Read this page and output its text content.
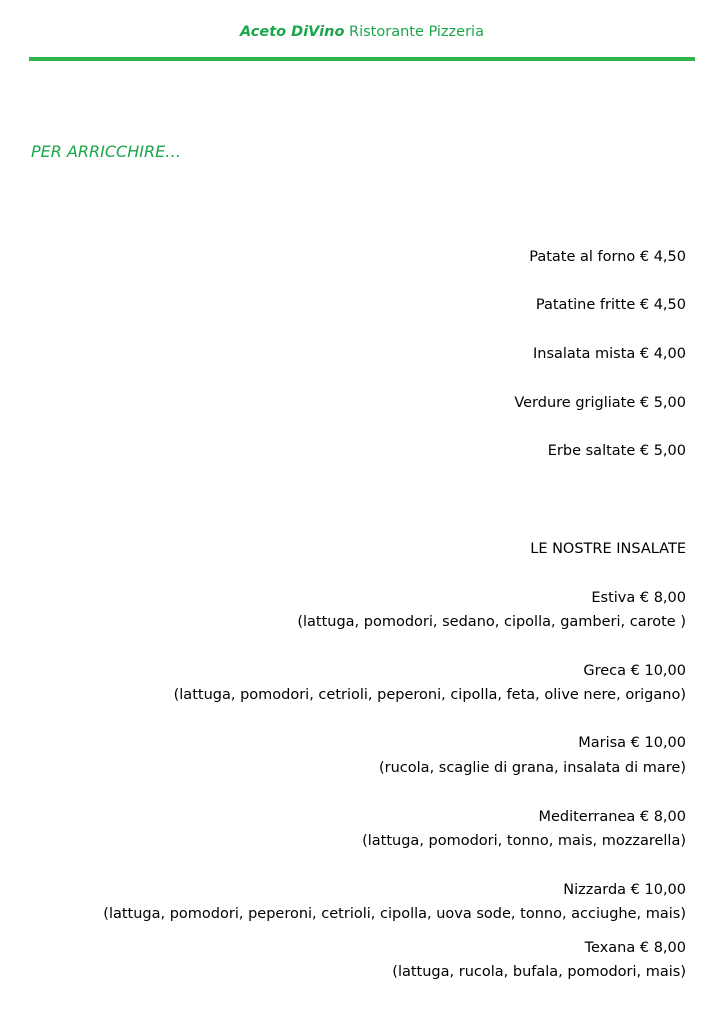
Aceto DiVino Ristorante Pizzeria
PER ARRICCHIRE…
Patate al forno € 4,50
Patatine fritte € 4,50
Insalata mista € 4,00
Verdure grigliate € 5,00
Erbe saltate € 5,00
LE NOSTRE INSALATE
Estiva € 8,00
(lattuga, pomodori, sedano, cipolla, gamberi, carote )
Greca € 10,00
(lattuga, pomodori, cetrioli, peperoni, cipolla, feta, olive nere, origano)
Marisa € 10,00
(rucola, scaglie di grana, insalata di mare)
Mediterranea € 8,00
(lattuga, pomodori, tonno, mais, mozzarella)
Nizzarda € 10,00
(lattuga, pomodori, peperoni, cetrioli, cipolla, uova sode, tonno, acciughe, mais)
Texana € 8,00
(lattuga, rucola, bufala, pomodori, mais)
